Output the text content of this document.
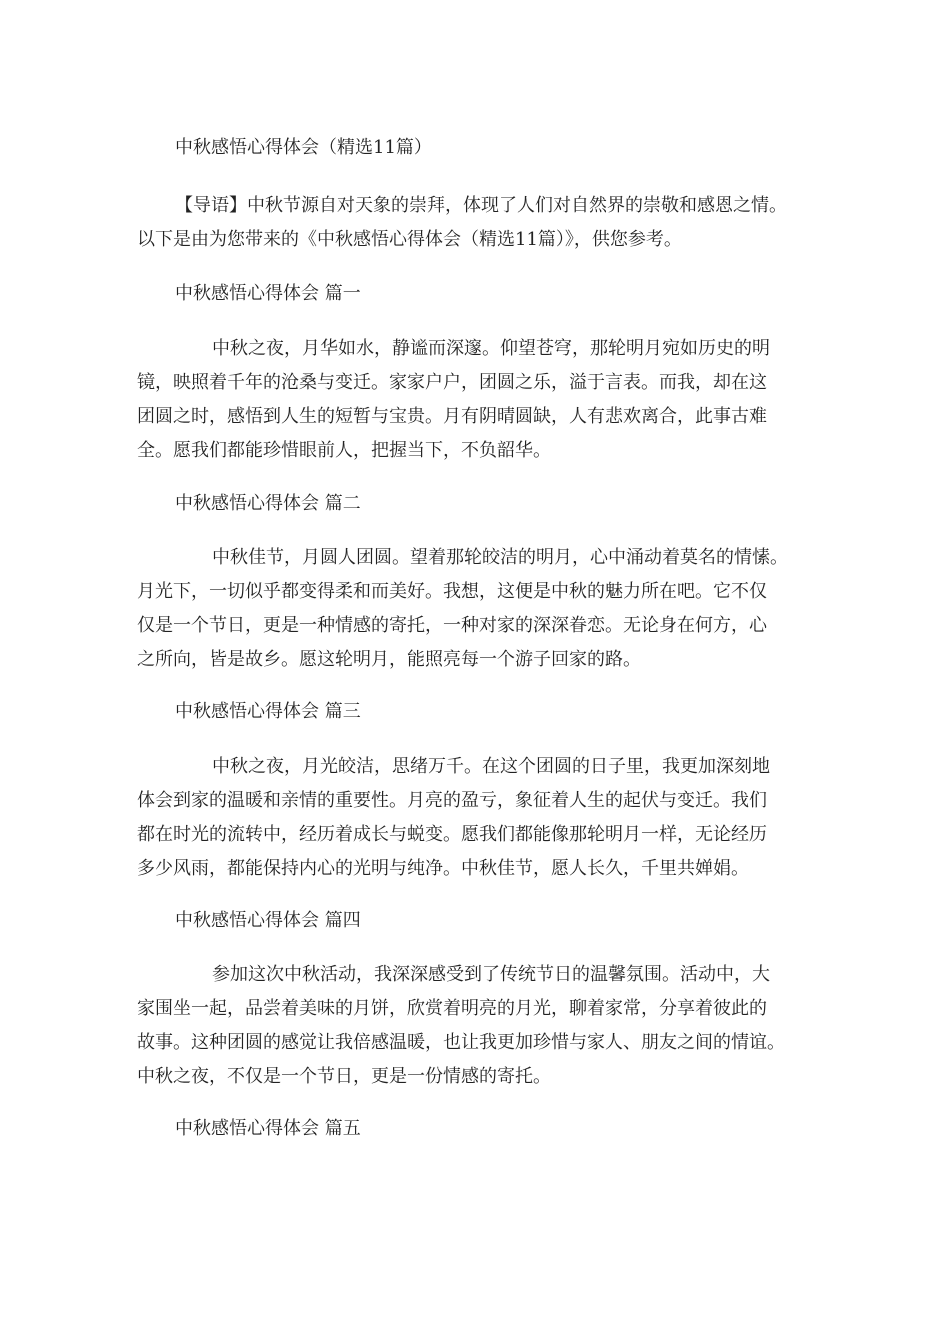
中秋感悟心得体会（精选11篇）
【导语】中秋节源自对天象的崇拜，体现了人们对自然界的崇敬和感恩之情。
以下是由为您带来的《中秋感悟心得体会（精选11篇）》，供您参考。
中秋感悟心得体会 篇一
中秋之夜，月华如水，静谧而深邃。仰望苍穹，那轮明月宛如历史的明
镜，映照着千年的沧桑与变迁。家家户户，团圆之乐，溢于言表。而我，却在这
团圆之时，感悟到人生的短暂与宝贵。月有阴晴圆缺，人有悲欢离合，此事古难
全。愿我们都能珍惜眼前人，把握当下，不负韶华。
中秋感悟心得体会 篇二
中秋佳节，月圆人团圆。望着那轮皎洁的明月，心中涌动着莫名的情愫。
月光下，一切似乎都变得柔和而美好。我想，这便是中秋的魅力所在吧。它不仅
仅是一个节日，更是一种情感的寄托，一种对家的深深眷恋。无论身在何方，心
之所向，皆是故乡。愿这轮明月，能照亮每一个游子回家的路。
中秋感悟心得体会 篇三
中秋之夜，月光皎洁，思绪万千。在这个团圆的日子里，我更加深刻地
体会到家的温暖和亲情的重要性。月亮的盈亏，象征着人生的起伏与变迁。我们
都在时光的流转中，经历着成长与蜕变。愿我们都能像那轮明月一样，无论经历
多少风雨，都能保持内心的光明与纯净。中秋佳节，愿人长久，千里共婵娟。
中秋感悟心得体会 篇四
参加这次中秋活动，我深深感受到了传统节日的温馨氛围。活动中，大
家围坐一起，品尝着美味的月饼，欣赏着明亮的月光，聊着家常，分享着彼此的
故事。这种团圆的感觉让我倍感温暖，也让我更加珍惜与家人、朋友之间的情谊。
中秋之夜，不仅是一个节日，更是一份情感的寄托。
中秋感悟心得体会 篇五
